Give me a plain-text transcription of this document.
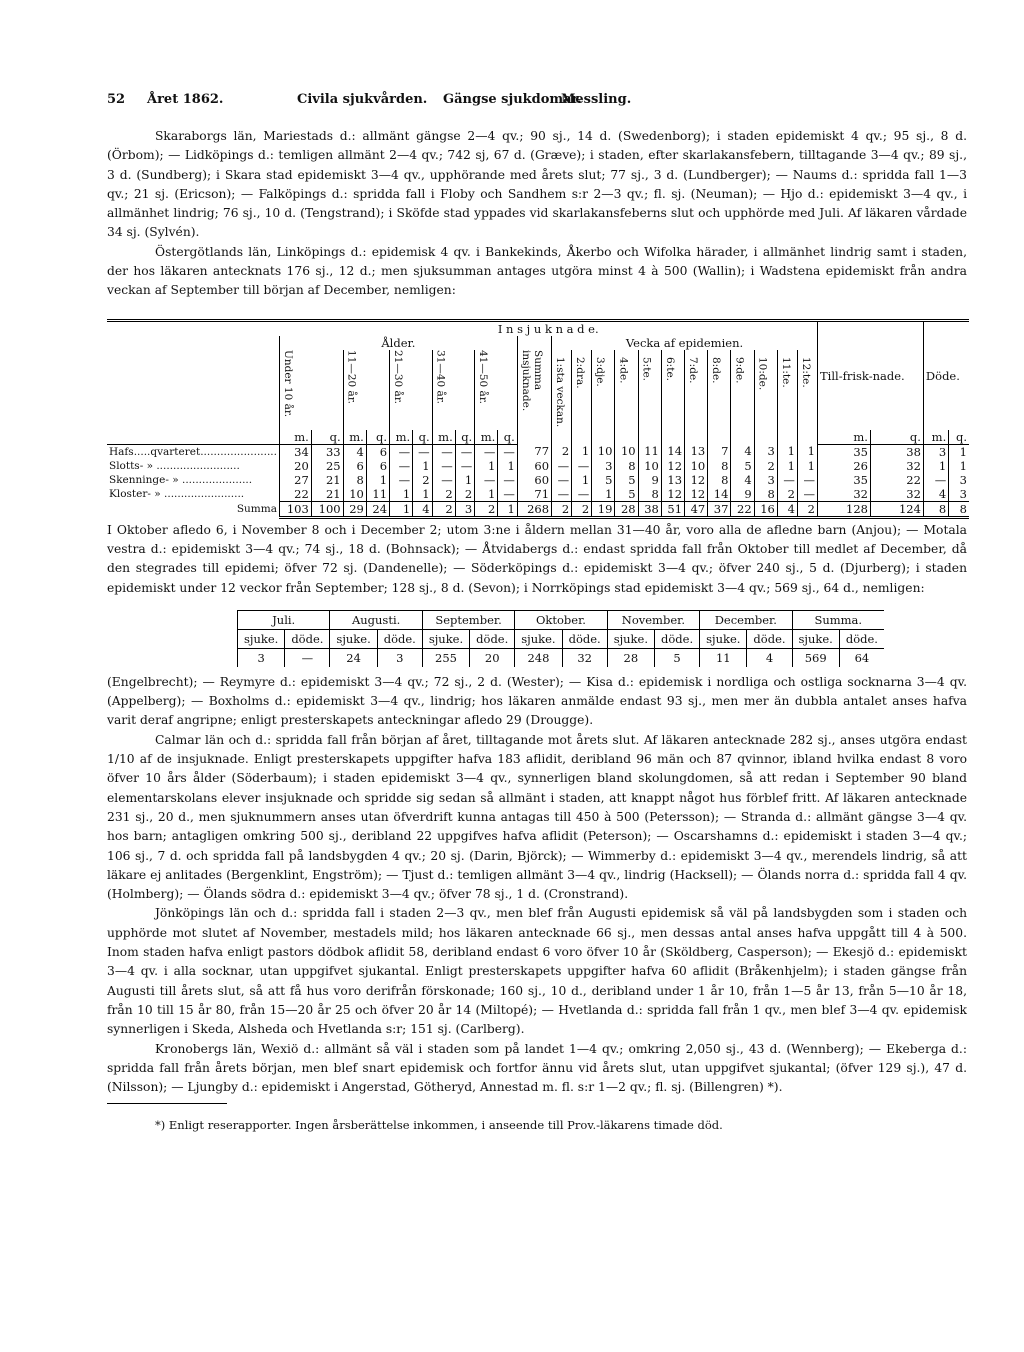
52	Året 1862.	Civila sjukvården.	Gängse sjukdomar.
Messling.

Skaraborgs län, Mariestads d.: allmänt gängse 2—4 qv.; 90 sj., 14 d. (Swedenborg); i staden epidemiskt 4 qv.; 95 sj., 8 d. (Örbom); — Lidköpings d.: temligen allmänt 2—4 qv.; 742 sj, 67 d. (Græve); i staden, efter skarlakansfebern, tilltagande 3—4 qv.; 89 sj., 3 d. (Sundberg); i Skara stad epidemiskt 3—4 qv., upphörande med årets slut; 77 sj., 3 d. (Lundberger); — Naums d.: spridda fall 1—3 qv.; 21 sj. (Ericson); — Falköpings d.: spridda fall i Floby och Sandhem s:r 2—3 qv.; fl. sj. (Neuman); — Hjo d.: epidemiskt 3—4 qv., i allmänhet lindrig; 76 sj., 10 d. (Tengstrand); i Sköfde stad yppades vid skarlakansfeberns slut och upphörde med Juli. Af läkaren vårdade 34 sj. (Sylvén).

Östergötlands län, Linköpings d.: epidemisk 4 qv. i Bankekinds, Åkerbo och Wifolka härader, i allmänhet lindrig samt i staden, der hos läkaren antecknats 176 sj., 12 d.; men sjuksumman antages utgöra minst 4 à 500 (Wallin); i Wadstena epidemiskt från andra veckan af September till början af December, nemligen:

	I n s j u k n a d e.																							Till-frisk-nade.		Döde.	
	Ålder.										Summa insjuknade.	Vecka af epidemien.															

	Under 10 år.		11—20 år.		21—30 år.		31—40 år.		41—50 år.			1:sta veckan.	2:dra.	3:dje.	4:de.	5:te.	6:te.	7:de.	8:de.	9:de.	10:de.	11:te.	12:te.				

	m.	q.	m.	q.	m.	q.	m.	q.	m.	q.														m.	q.	m.	q.
Hafs.....qvarteret.......................	34	33	4	6	—	—	—	—	—	—	77	2	1	10	10	11	14	13	7	4	3	1	1	35	38	3	1
Slotts- » .........................	20	25	6	6	—	1	—	—	1	1	60	—	—	3	8	10	12	10	8	5	2	1	1	26	32	1	1
Skenninge- » .....................	27	21	8	1	—	2	—	1	—	—	60	—	1	5	5	9	13	12	8	4	3	—	—	35	22	—	3
Kloster- » ........................	22	21	10	11	1	1	2	2	1	—	71	—	—	1	5	8	12	12	14	9	8	2	—	32	32	4	3
Summa	103	100	29	24	1	4	2	3	2	1	268	2	2	19	28	38	51	47	37	22	16	4	2	128	124	8	8

I Oktober afledo 6, i November 8 och i December 2; utom 3:ne i åldern mellan 31—40 år, voro alla de afledne barn (Anjou); — Motala vestra d.: epidemiskt 3—4 qv.; 74 sj., 18 d. (Bohnsack); — Åtvidabergs d.: endast spridda fall från Oktober till medlet af December, då den stegrades till epidemi; öfver 72 sj. (Dandenelle); — Söderköpings d.: epidemiskt 3—4 qv.; öfver 240 sj., 5 d. (Djurberg); i staden epidemiskt under 12 veckor från September; 128 sj., 8 d. (Sevon); i Norrköpings stad epidemiskt 3—4 qv.; 569 sj., 64 d., nemligen:

Juli.		Augusti.		September.		Oktober.		November.		December.		Summa.	
sjuke.	döde.	sjuke.	döde.	sjuke.	döde.	sjuke.	döde.	sjuke.	döde.	sjuke.	döde.	sjuke.	döde.
3	—	24	3	255	20	248	32	28	5	11	4	569	64

(Engelbrecht); — Reymyre d.: epidemiskt 3—4 qv.; 72 sj., 2 d. (Wester); — Kisa d.: epidemisk i nordliga och ostliga socknarna 3—4 qv. (Appelberg); — Boxholms d.: epidemiskt 3—4 qv., lindrig; hos läkaren anmälde endast 93 sj., men mer än dubbla antalet anses hafva varit deraf angripne; enligt presterskapets anteckningar afledo 29 (Drougge).

Calmar län och d.: spridda fall från början af året, tilltagande mot årets slut. Af läkaren antecknade 282 sj., anses utgöra endast 1/10 af de insjuknade. Enligt presterskapets uppgifter hafva 183 aflidit, deribland 96 män och 87 qvinnor, ibland hvilka endast 8 voro öfver 10 års ålder (Söderbaum); i staden epidemiskt 3—4 qv., synnerligen bland skolungdomen, så att redan i September 90 bland elementarskolans elever insjuknade och spridde sig sedan så allmänt i staden, att knappt något hus förblef fritt. Af läkaren antecknade 231 sj., 20 d., men sjuknummern anses utan öfverdrift kunna antagas till 450 à 500 (Petersson); — Stranda d.: allmänt gängse 3—4 qv. hos barn; antagligen omkring 500 sj., deribland 22 uppgifves hafva aflidit (Peterson); — Oscarshamns d.: epidemiskt i staden 3—4 qv.; 106 sj., 7 d. och spridda fall på landsbygden 4 qv.; 20 sj. (Darin, Björck); — Wimmerby d.: epidemiskt 3—4 qv., merendels lindrig, så att läkare ej anlitades (Bergenklint, Engström); — Tjust d.: temligen allmänt 3—4 qv., lindrig (Hacksell); — Ölands norra d.: spridda fall 4 qv. (Holmberg); — Ölands södra d.: epidemiskt 3—4 qv.; öfver 78 sj., 1 d. (Cronstrand).

Jönköpings län och d.: spridda fall i staden 2—3 qv., men blef från Augusti epidemisk så väl på landsbygden som i staden och upphörde mot slutet af November, mestadels mild; hos läkaren antecknade 66 sj., men dessas antal anses hafva uppgått till 4 à 500. Inom staden hafva enligt pastors dödbok aflidit 58, deribland endast 6 voro öfver 10 år (Sköldberg, Casperson); — Ekesjö d.: epidemiskt 3—4 qv. i alla socknar, utan uppgifvet sjukantal. Enligt presterskapets uppgifter hafva 60 aflidit (Bråkenhjelm); i staden gängse från Augusti till årets slut, så att få hus voro derifrån förskonade; 160 sj., 10 d., deribland under 1 år 10, från 1—5 år 13, från 5—10 år 18, från 10 till 15 år 80, från 15—20 år 25 och öfver 20 år 14 (Miltopé); — Hvetlanda d.: spridda fall från 1 qv., men blef 3—4 qv. epidemisk synnerligen i Skeda, Alsheda och Hvetlanda s:r; 151 sj. (Carlberg).

Kronobergs län, Wexiö d.: allmänt så väl i staden som på landet 1—4 qv.; omkring 2,050 sj., 43 d. (Wennberg); — Ekeberga d.: spridda fall från årets början, men blef snart epidemisk och fortfor ännu vid årets slut, utan uppgifvet sjukantal; (öfver 129 sj.), 47 d. (Nilsson); — Ljungby d.: epidemiskt i Angerstad, Götheryd, Annestad m. fl. s:r 1—2 qv.; fl. sj. (Billengren) *).

*) Enligt reserapporter. Ingen årsberättelse inkommen, i anseende till Prov.-läkarens timade död.
